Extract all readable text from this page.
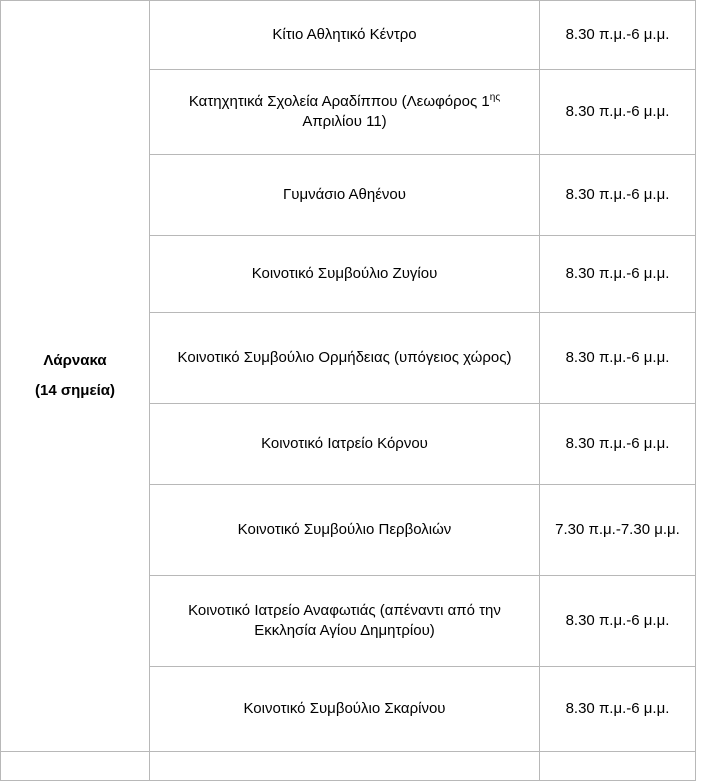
Λάρνακα
(14 σημεία)	Κίτιο Αθλητικό Κέντρο	8.30 π.μ.-6 μ.μ.
	Κατηχητικά Σχολεία Αραδίππου (Λεωφόρος $1^{\eta\varsigma}$ Απριλίου 11)	8.30 π.μ.-6 μ.μ.
	Γυμνάσιο Αθηένου	8.30 π.μ.-6 μ.μ.
	Κοινοτικό Συμβούλιο Ζυγίου	8.30 π.μ.-6 μ.μ.
	Κοινοτικό Συμβούλιο Ορμήδειας (υπόγειος χώρος)	8.30 π.μ.-6 μ.μ.
	Κοινοτικό Ιατρείο Κόρνου	8.30 π.μ.-6 μ.μ.
	Κοινοτικό Συμβούλιο Περβολιών	7.30 π.μ.-7.30 μ.μ.
	Κοινοτικό Ιατρείο Αναφωτιάς (απέναντι από την Εκκλησία Αγίου Δημητρίου)	8.30 π.μ.-6 μ.μ.
	Κοινοτικό Συμβούλιο Σκαρίνου	8.30 π.μ.-6 μ.μ.
